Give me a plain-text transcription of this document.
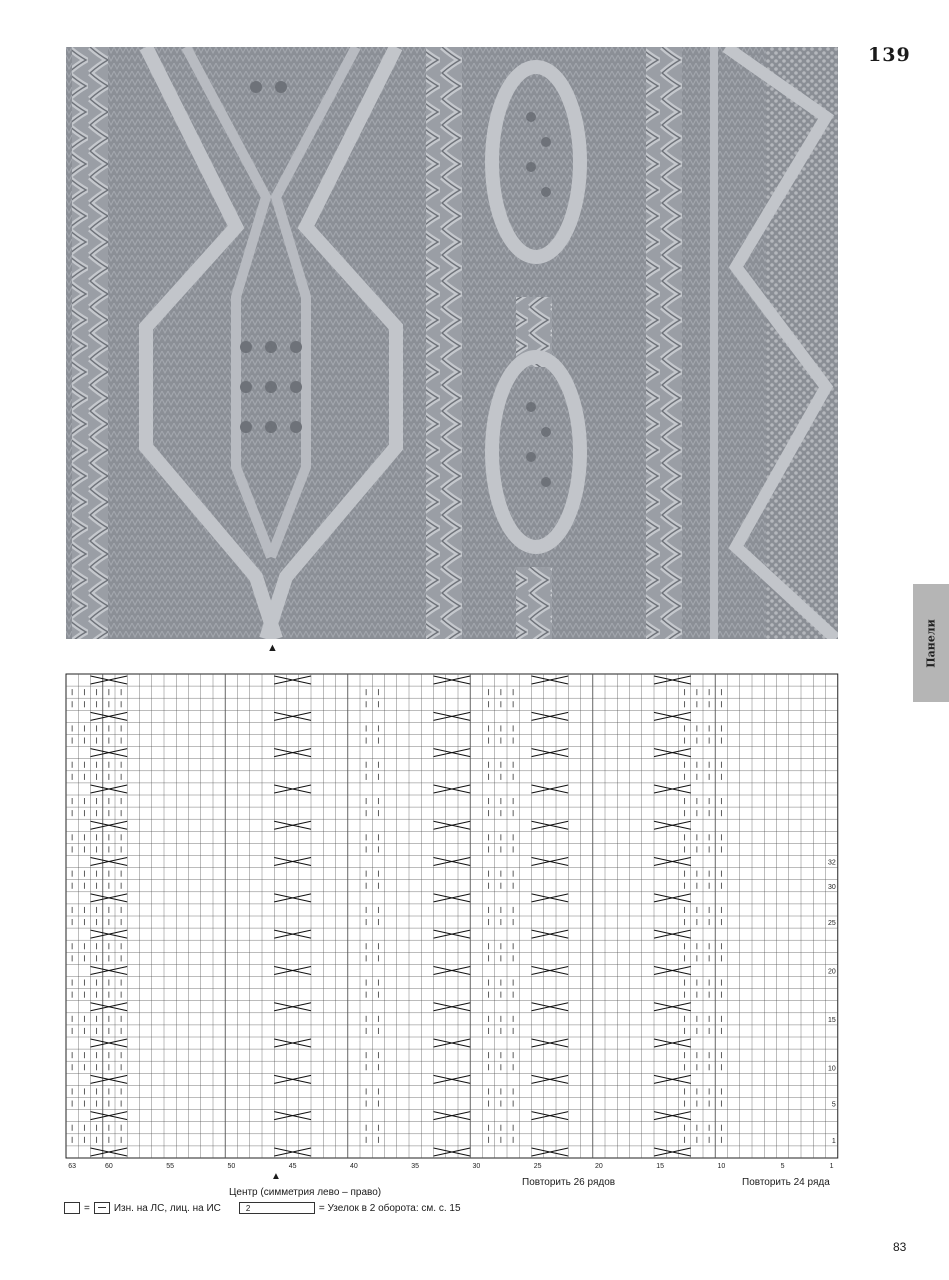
139
▲	Панели
63	60	55	50	45	40	35	30	25	20	15	10	5	1
32
30
25
20
15
10
5
1
Повторить 26 рядов	Повторить 24 ряда
▲
Центр (симметрия лево – право)
= Изн. на ЛС, лиц. на ИС	2	= Узелок в 2 оборота: см. с. 15
83
